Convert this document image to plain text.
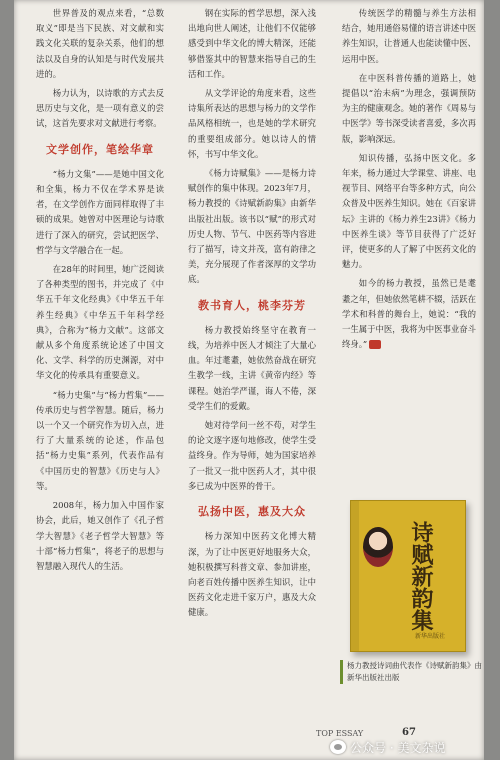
世界普及的观点来看，“总数取义”即是当下民族、对文献和实践文化关联的复杂关系，他们的想法以及自身的认知是与时代发展共进的。

杨力认为，以诗歌的方式去反思历史与文化，是一项有意义的尝试，这首先要求对文献进行考察。

文学创作，笔绘华章

“杨力文集”——是她中国文化和全集，杨力不仅在学术界是读者，在文学创作方面同样取得了丰硕的成果。她曾对中医理论与诗歌进行了深入的研究，尝试把医学、哲学与文学融合在一起。

在28年的时间里，她广泛阅读了各种类型的图书，并完成了《中华五千年文化经典》《中华五千年养生经典》《中华五千年科学经典》，合称为“杨力文献”。这部文献从多个角度系统论述了中国文化、文学、科学的历史渊源，对中华文化的传承具有重要意义。

“杨力史集”与“杨力哲集”——传承历史与哲学智慧。随后，杨力以一个又一个研究作为切入点，进行了大量系统的论述，作品包括“杨力史集”系列，代表作品有《中国历史的智慧》《历史与人》等。

2008年，杨力加入中国作家协会，此后，她又创作了《孔子哲学大智慧》《老子哲学大智慧》等十部“杨力哲集”，将老子的思想与智慧融入现代人的生活。

钢在实际的哲学思想，深入浅出地向世人阐述，让他们不仅能够感受到中华文化的博大精深，还能够借鉴其中的智慧来指导自己的生活和工作。

从文学评论的角度来看，这些诗集所表达的思想与杨力的文学作品风格相统一，也是她的学术研究的重要组成部分。她以诗人的情怀，书写中华文化。

《杨力诗赋集》——是杨力诗赋创作的集中体现。2023年7月，杨力教授的《诗赋新韵集》由新华出版社出版。该书以“赋”的形式对历史人物、节气、中医药等内容进行了描写，诗文并茂，富有韵律之美，充分展现了作者深厚的文学功底。

教书育人，桃李芬芳

杨力教授始终坚守在教育一线，为培养中医人才倾注了大量心血。年过耄耋，她依然奋战在研究生教学一线，主讲《黄帝内经》等课程。她治学严谨，诲人不倦，深受学生们的爱戴。

她对待学问一丝不苟，对学生的论文逐字逐句地修改，使学生受益终身。作为导师，她为国家培养了一批又一批中医药人才，其中很多已成为中医界的骨干。

弘扬中医，惠及大众

杨力深知中医药文化博大精深，为了让中医更好地服务大众，她积极撰写科普文章、参加讲座，向老百姓传播中医养生知识，让中医药文化走进千家万户，惠及大众健康。

传统医学的精髓与养生方法相结合，她用通俗易懂的语言讲述中医养生知识，让普通人也能读懂中医、运用中医。

在中医科普传播的道路上，她提倡以“治未病”为理念，强调预防为主的健康观念。她的著作《周易与中医学》等书深受读者喜爱，多次再版，影响深远。

知识传播，弘扬中医文化。多年来，杨力通过大学课堂、讲座、电视节目、网络平台等多种方式，向公众普及中医养生知识。她在《百家讲坛》主讲的《杨力养生23讲》《杨力中医养生谈》等节目获得了广泛好评，使更多的人了解了中医药文化的魅力。

如今的杨力教授，虽然已是耄耋之年，但她依然笔耕不辍，活跃在学术和科普的舞台上，她说：“我的一生属于中医，我将为中医事业奋斗终身。”

诗赋新韵集
新华出版社
杨力教授诗词曲代表作《诗赋新韵集》由新华出版社出版
TOP ESSAY	67
公众号 · 美文杂说
